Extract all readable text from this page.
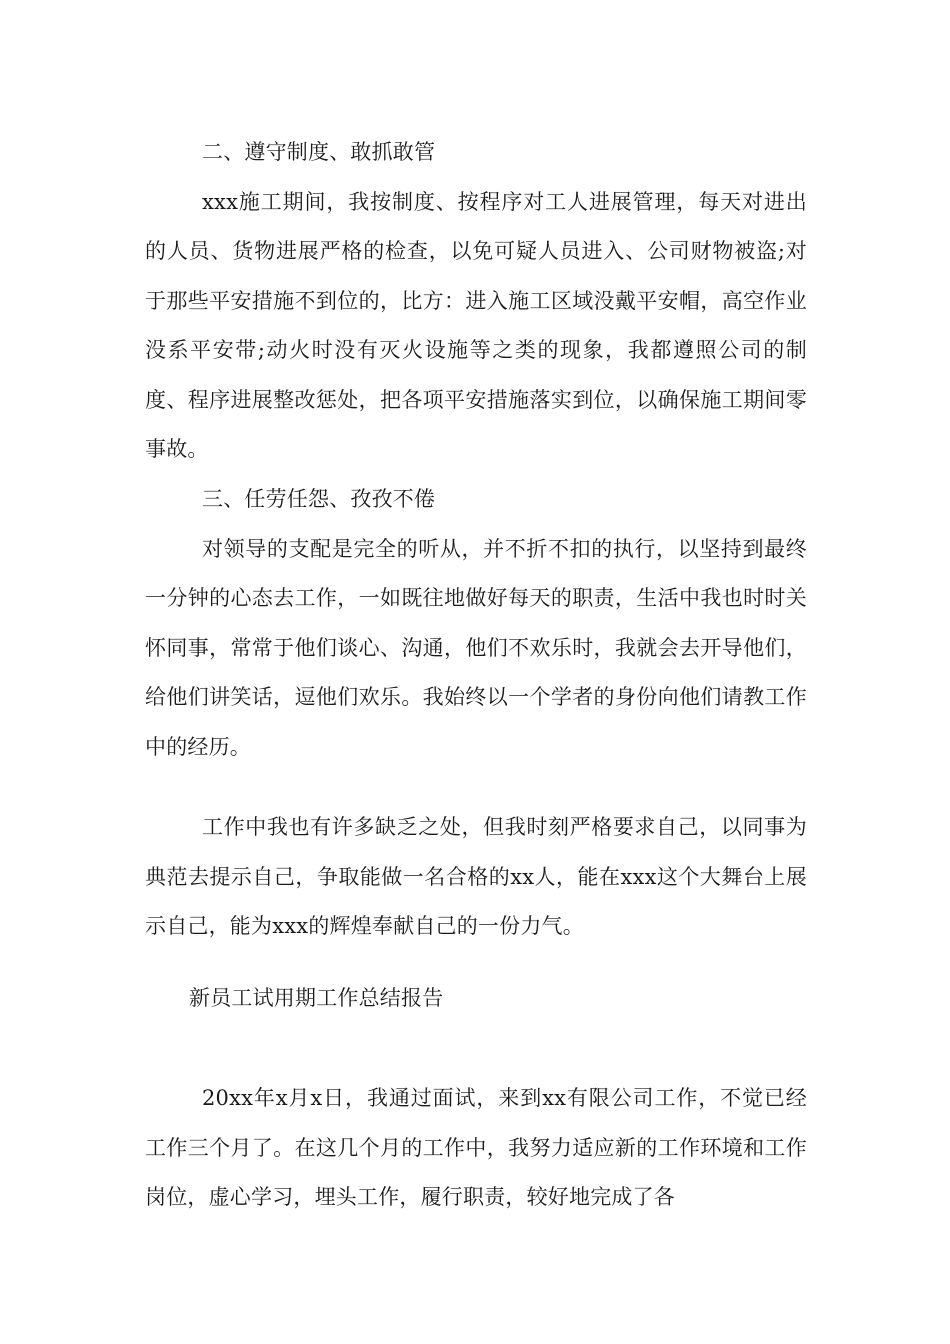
二、遵守制度、敢抓敢管

xxx施工期间，我按制度、按程序对工人进展管理，每天对进出的人员、货物进展严格的检查，以免可疑人员进入、公司财物被盗;对于那些平安措施不到位的，比方：进入施工区域没戴平安帽，高空作业没系平安带;动火时没有灭火设施等之类的现象，我都遵照公司的制度、程序进展整改惩处，把各项平安措施落实到位，以确保施工期间零事故。

三、任劳任怨、孜孜不倦

对领导的支配是完全的听从，并不折不扣的执行，以坚持到最终一分钟的心态去工作，一如既往地做好每天的职责，生活中我也时时关怀同事，常常于他们谈心、沟通，他们不欢乐时，我就会去开导他们，给他们讲笑话，逗他们欢乐。我始终以一个学者的身份向他们请教工作中的经历。

工作中我也有许多缺乏之处，但我时刻严格要求自己，以同事为典范去提示自己，争取能做一名合格的xx人，能在xxx这个大舞台上展示自己，能为xxx的辉煌奉献自己的一份力气。

新员工试用期工作总结报告

20xx年x月x日，我通过面试，来到xx有限公司工作，不觉已经工作三个月了。在这几个月的工作中，我努力适应新的工作环境和工作岗位，虚心学习，埋头工作，履行职责，较好地完成了各
